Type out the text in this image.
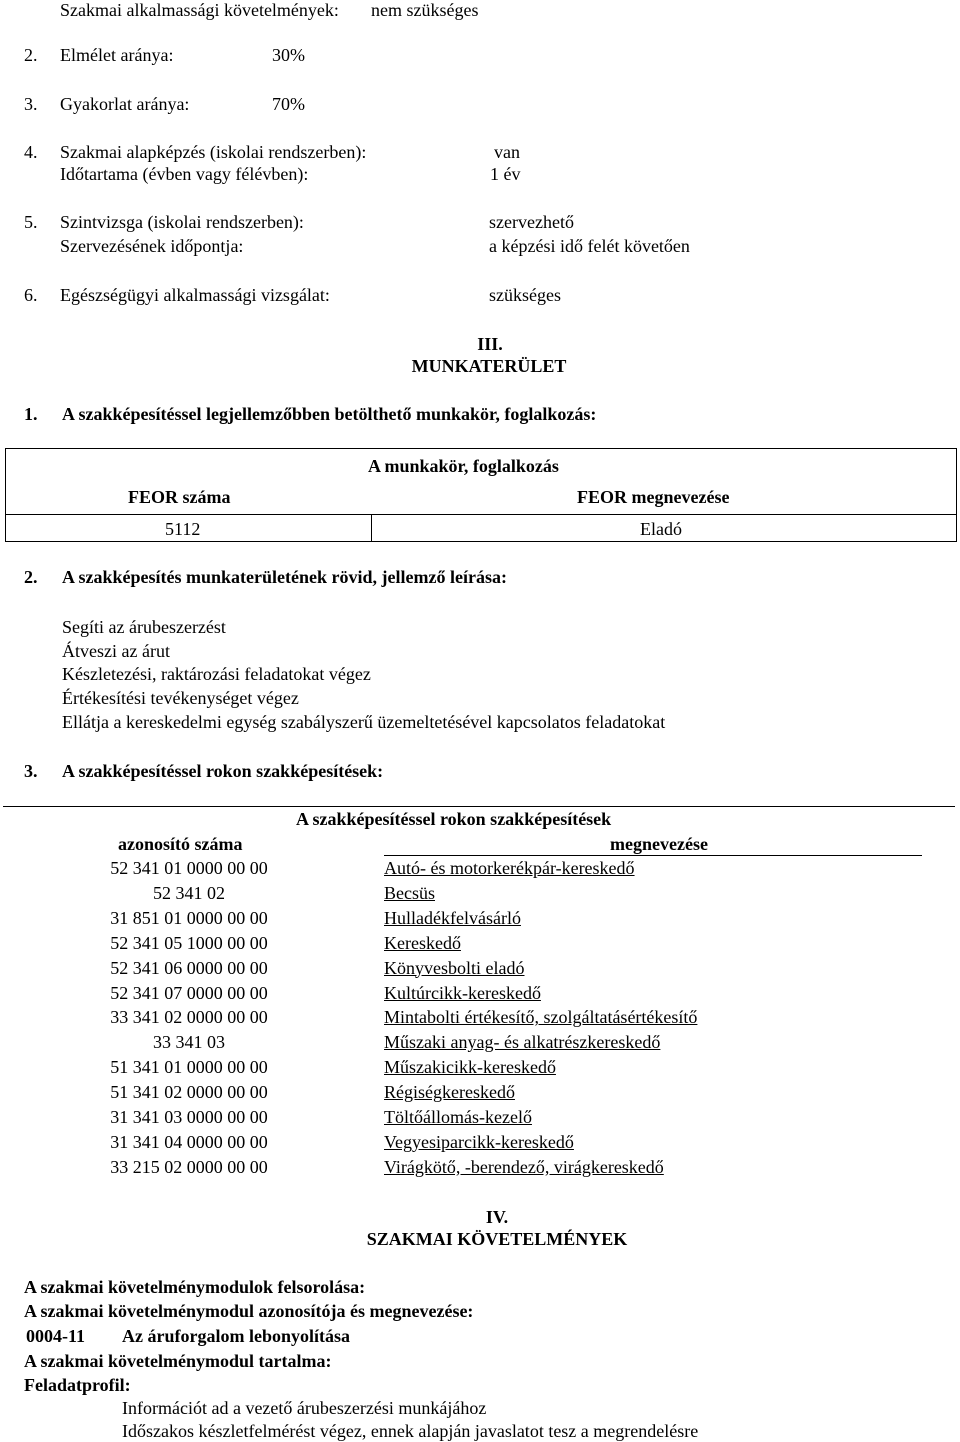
Szakmai alkalmassági követelmények: nem szükséges
2. Elmélet aránya:	30%
3. Gyakorlat aránya:	70%
4. Szakmai alapképzés (iskolai rendszerben):	van
Időtartama (évben vagy félévben):	1 év
5. Szintvizsga (iskolai rendszerben):	szervezhető
Szervezésének időpontja:	a képzési idő felét követően
6. Egészségügyi alkalmassági vizsgálat:	szükséges
III.
MUNKATERÜLET
1. A szakképesítéssel legjellemzőbben betölthető munkakör, foglalkozás:
A munkakör, foglalkozás
FEOR száma	FEOR megnevezése
5112	Eladó
2. A szakképesítés munkaterületének rövid, jellemző leírása:
Segíti az árubeszerzést
Átveszi az árut
Készletezési, raktározási feladatokat végez
Értékesítési tevékenységet végez
Ellátja a kereskedelmi egység szabályszerű üzemeltetésével kapcsolatos feladatokat
3. A szakképesítéssel rokon szakképesítések:
A szakképesítéssel rokon szakképesítések
azonosító száma	megnevezése
52 341 01 0000 00 00	Autó- és motorkerékpár-kereskedő
52 341 02	Becsüs
31 851 01 0000 00 00	Hulladékfelvásárló
52 341 05 1000 00 00	Kereskedő
52 341 06 0000 00 00	Könyvesbolti eladó
52 341 07 0000 00 00	Kultúrcikk-kereskedő
33 341 02 0000 00 00	Mintabolti értékesítő, szolgáltatásértékesítő
33 341 03	Műszaki anyag- és alkatrészkereskedő
51 341 01 0000 00 00	Műszakicikk-kereskedő
51 341 02 0000 00 00	Régiségkereskedő
31 341 03 0000 00 00	Töltőállomás-kezelő
31 341 04 0000 00 00	Vegyesiparcikk-kereskedő
33 215 02 0000 00 00	Virágkötő, -berendező, virágkereskedő
IV.
SZAKMAI KÖVETELMÉNYEK
A szakmai követelménymodulok felsorolása:
A szakmai követelménymodul azonosítója és megnevezése:
0004-11 Az áruforgalom lebonyolítása
A szakmai követelménymodul tartalma:
Feladatprofil:
Információt ad a vezető árubeszerzési munkájához
Időszakos készletfelmérést végez, ennek alapján javaslatot tesz a megrendelésre
